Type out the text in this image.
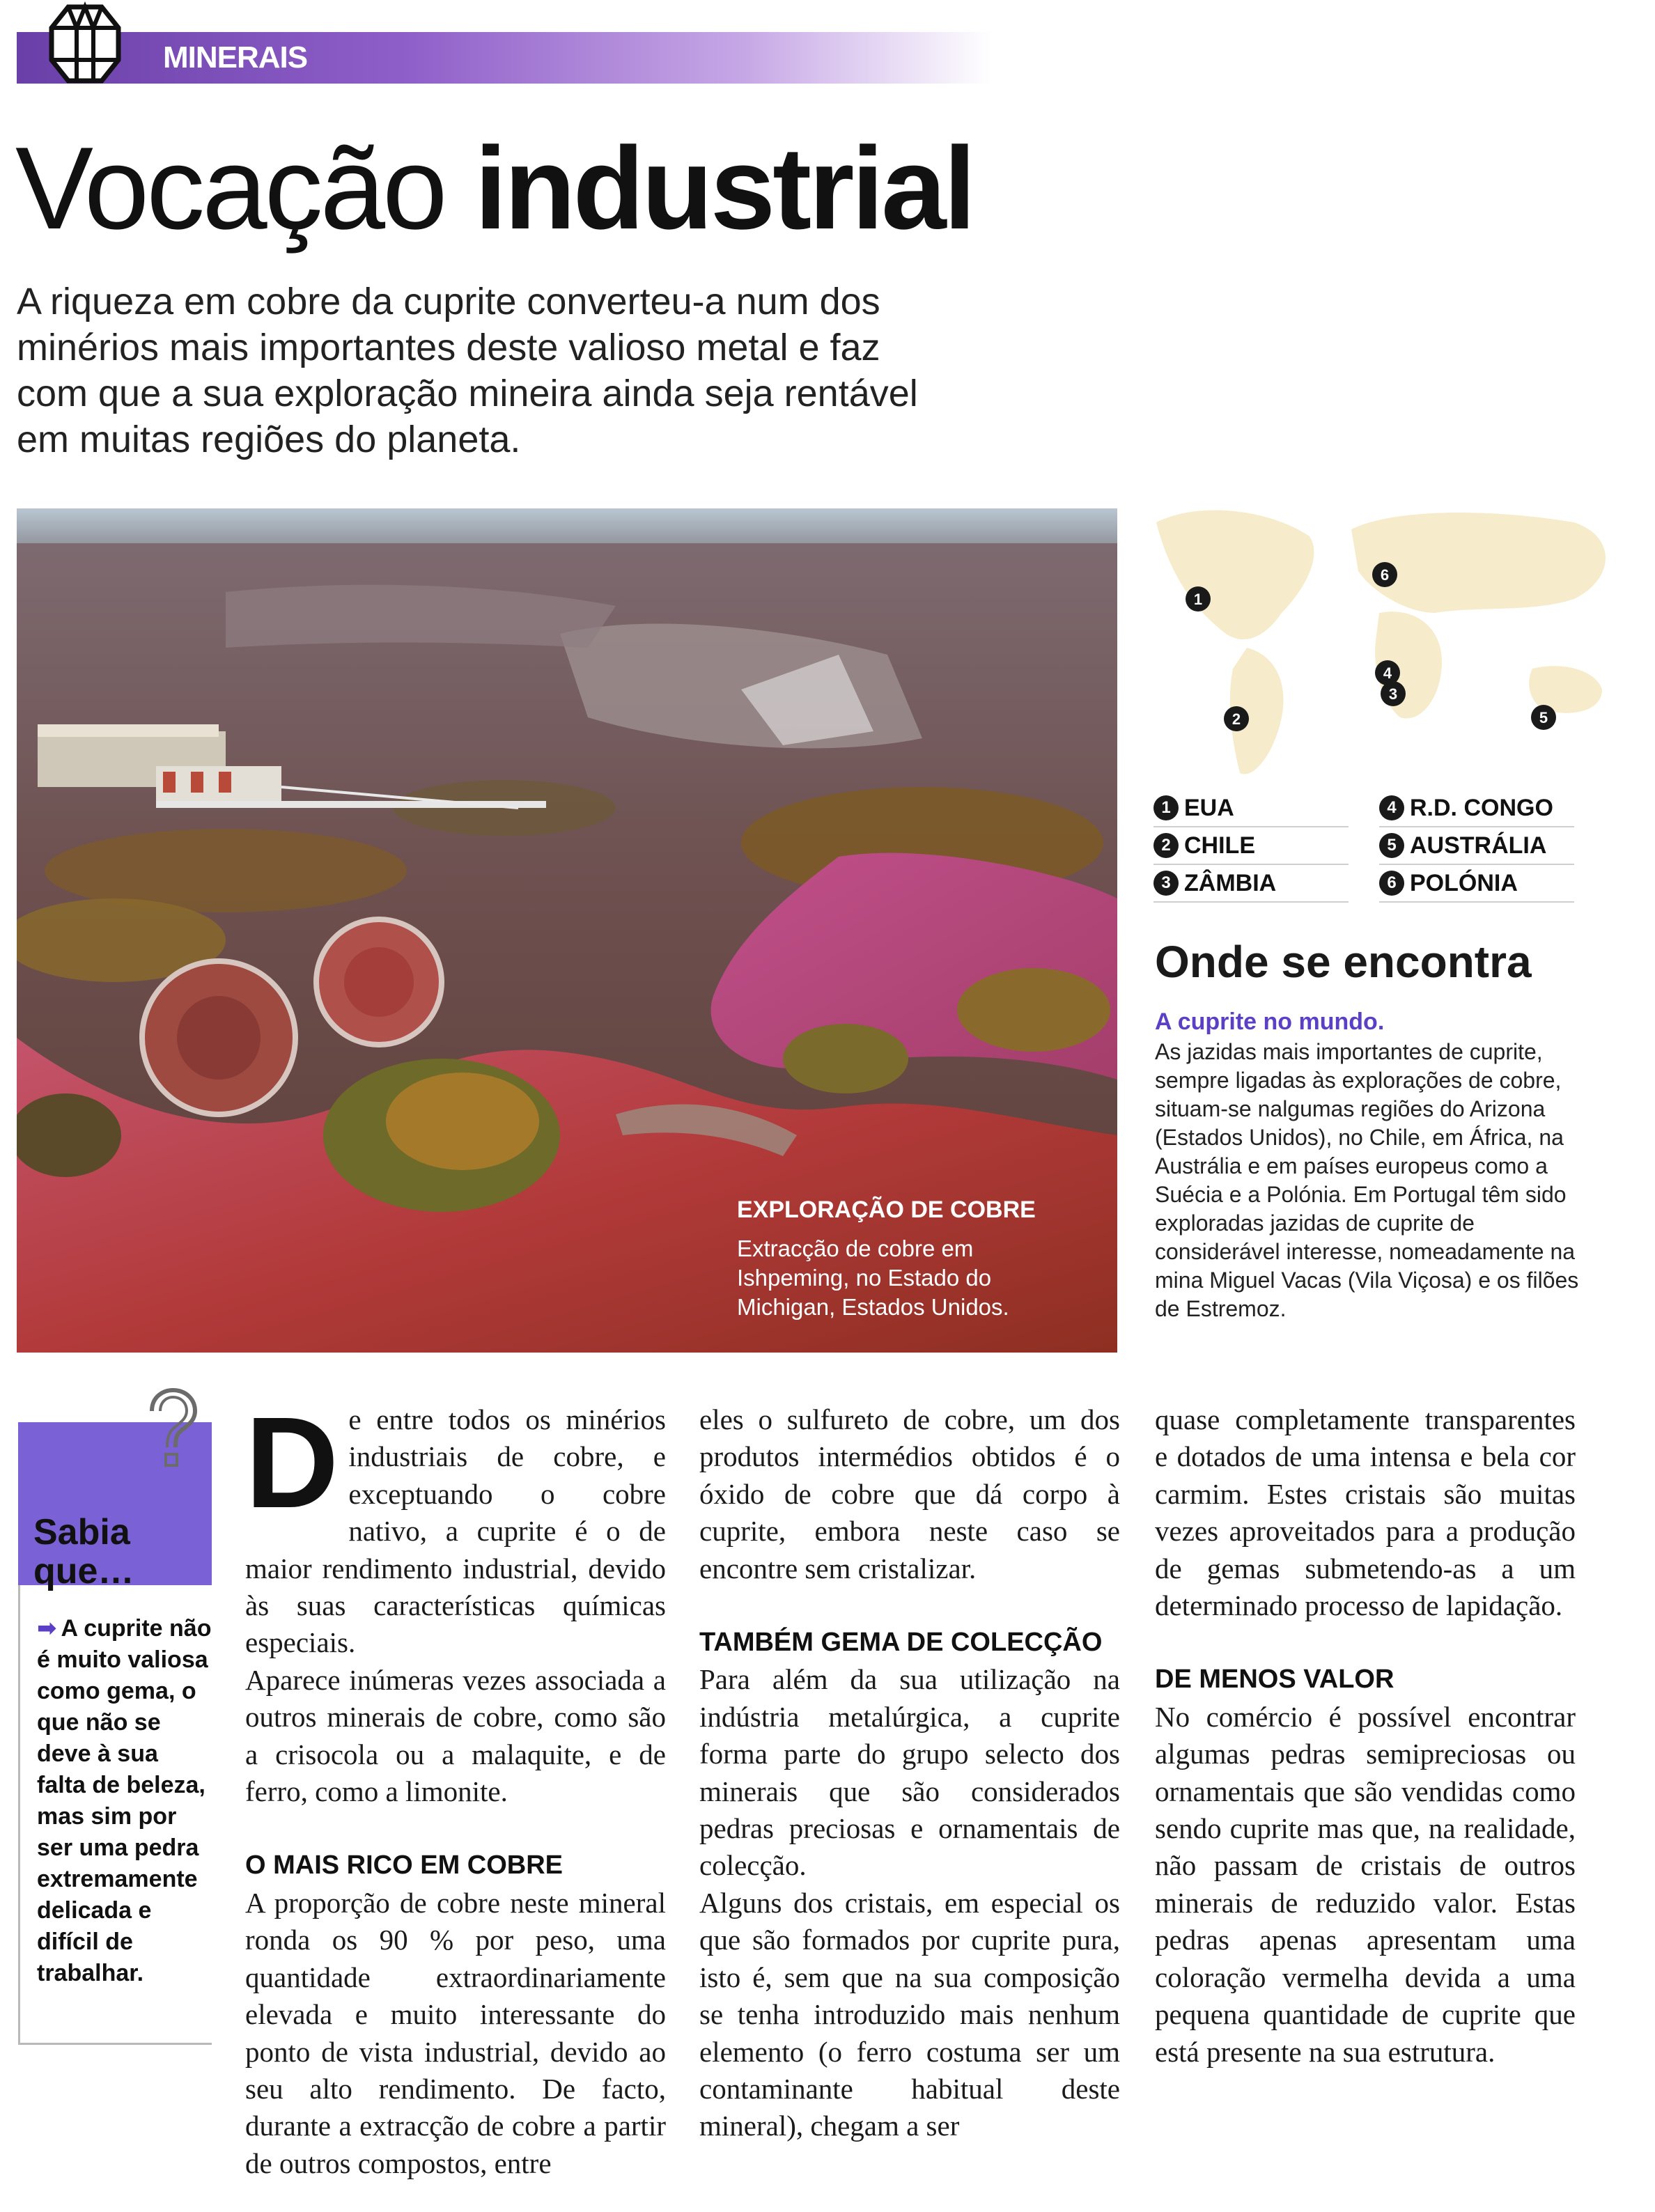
MINERAIS
Vocação industrial

A riqueza em cobre da cuprite converteu-a num dos minérios mais importantes deste valioso metal e faz com que a sua exploração mineira ainda seja rentável em muitas regiões do planeta.

EXPLORAÇÃO DE COBRE

Extracção de cobre em Ishpeming, no Estado do Michigan, Estados Unidos.

1
2
3
4
5
6
1 EUA
2 CHILE
3 ZÂMBIA
4 R.D. CONGO
5 AUSTRÁLIA
6 POLÓNIA
Onde se encontra
A cuprite no mundo.

As jazidas mais importantes de cuprite, sempre ligadas às explorações de cobre, situam-se nalgumas regiões do Arizona (Estados Unidos), no Chile, em África, na Austrália e em países europeus como a Suécia e a Polónia. Em Portugal têm sido exploradas jazidas de cuprite de considerável interesse, nomeadamente na mina Miguel Vacas (Vila Viçosa) e os filões de Estremoz.

Sabia que…
➡ A cuprite não é muito valiosa como gema, o que não se deve à sua falta de beleza, mas sim por ser uma pedra extremamente delicada e difícil de trabalhar.
D e entre todos os minérios industriais de cobre, e exceptuando o cobre nativo, a cuprite é o de maior rendimento industrial, devido às suas características químicas especiais.

Aparece inúmeras vezes associada a outros minerais de cobre, como são a crisocola ou a malaquite, e de ferro, como a limonite.

O MAIS RICO EM COBRE

A proporção de cobre neste mineral ronda os 90 % por peso, uma quantidade extraordinariamente elevada e muito interessante do ponto de vista industrial, devido ao seu alto rendimento. De facto, durante a extracção de cobre a partir de outros compostos, entre

eles o sulfureto de cobre, um dos produtos intermédios obtidos é o óxido de cobre que dá corpo à cuprite, embora neste caso se encontre sem cristalizar.

TAMBÉM GEMA DE COLECÇÃO

Para além da sua utilização na indústria metalúrgica, a cuprite forma parte do grupo selecto dos minerais que são considerados pedras preciosas e ornamentais de colecção.

Alguns dos cristais, em especial os que são formados por cuprite pura, isto é, sem que na sua composição se tenha introduzido mais nenhum elemento (o ferro costuma ser um contaminante habitual deste mineral), chegam a ser

quase completamente transparentes e dotados de uma intensa e bela cor carmim. Estes cristais são muitas vezes aproveitados para a produção de gemas submetendo-as a um determinado processo de lapidação.

DE MENOS VALOR

No comércio é possível encontrar algumas pedras semipreciosas ou ornamentais que são vendidas como sendo cuprite mas que, na realidade, não passam de cristais de outros minerais de reduzido valor. Estas pedras apenas apresentam uma coloração vermelha devida a uma pequena quantidade de cuprite que está presente na sua estrutura.
